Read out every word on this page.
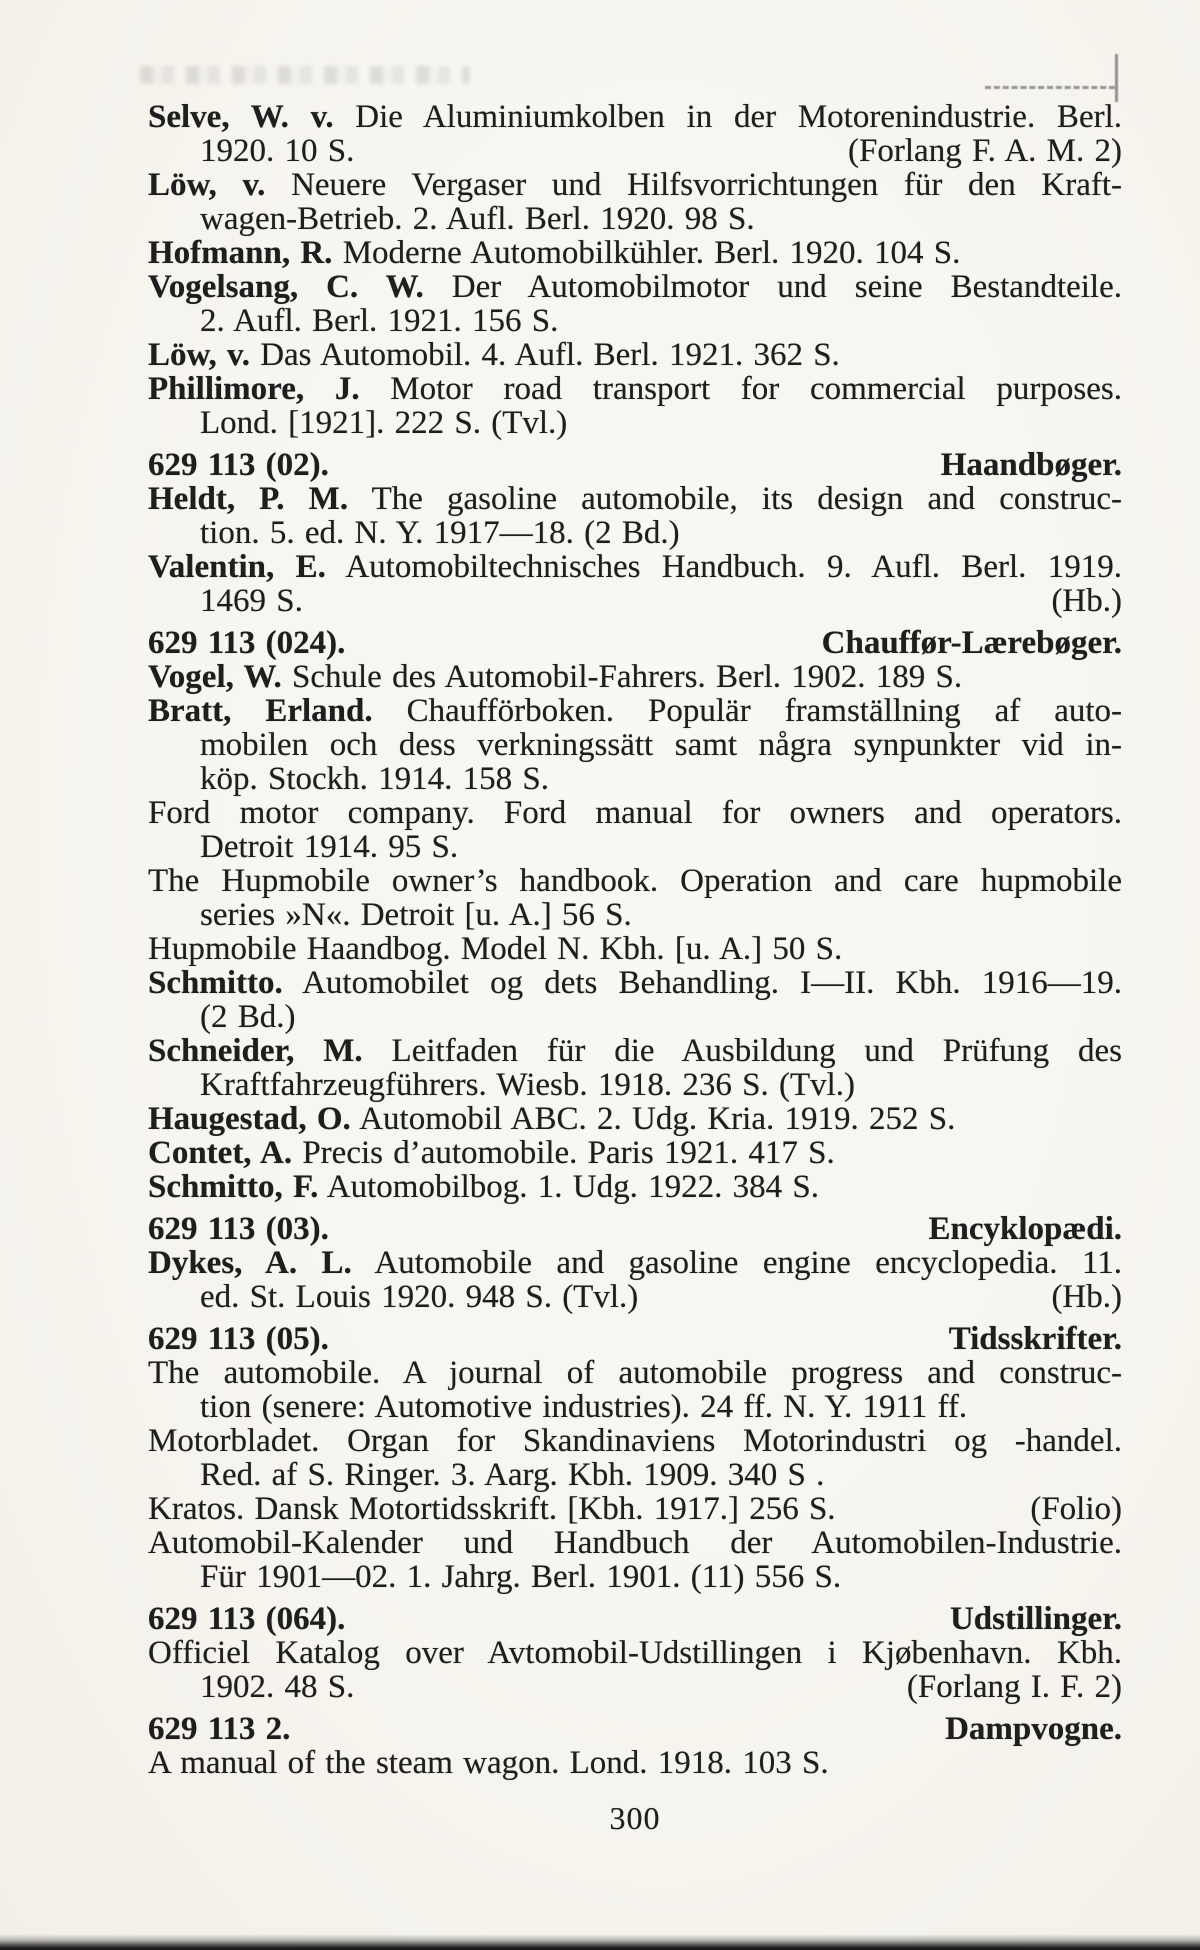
Selve, W. v. Die Aluminiumkolben in der Motorenindustrie. Berl.
1920. 10 S.	(Forlang F. A. M. 2)
Löw, v. Neuere Vergaser und Hilfsvorrichtungen für den Kraft-
wagen-Betrieb. 2. Aufl. Berl. 1920. 98 S.
Hofmann, R. Moderne Automobilkühler. Berl. 1920. 104 S.
Vogelsang, C. W. Der Automobilmotor und seine Bestandteile.
2. Aufl. Berl. 1921. 156 S.
Löw, v. Das Automobil. 4. Aufl. Berl. 1921. 362 S.
Phillimore, J. Motor road transport for commercial purposes.
Lond. [1921]. 222 S. (Tvl.)
629 113 (02).	Haandbøger.
Heldt, P. M. The gasoline automobile, its design and construc-
tion. 5. ed. N. Y. 1917—18. (2 Bd.)
Valentin, E. Automobiltechnisches Handbuch. 9. Aufl. Berl. 1919.
1469 S.	(Hb.)
629 113 (024).	Chauffør-Lærebøger.
Vogel, W. Schule des Automobil-Fahrers. Berl. 1902. 189 S.
Bratt, Erland. Chaufförboken. Populär framställning af auto-
mobilen och dess verkningssätt samt några synpunkter vid in-
köp. Stockh. 1914. 158 S.
Ford motor company. Ford manual for owners and operators.
Detroit 1914. 95 S.
The Hupmobile owner’s handbook. Operation and care hupmobile
series »N«. Detroit [u. A.] 56 S.
Hupmobile Haandbog. Model N. Kbh. [u. A.] 50 S.
Schmitto. Automobilet og dets Behandling. I—II. Kbh. 1916—19.
(2 Bd.)
Schneider, M. Leitfaden für die Ausbildung und Prüfung des
Kraftfahrzeugführers. Wiesb. 1918. 236 S. (Tvl.)
Haugestad, O. Automobil ABC. 2. Udg. Kria. 1919. 252 S.
Contet, A. Precis d’automobile. Paris 1921. 417 S.
Schmitto, F. Automobilbog. 1. Udg. 1922. 384 S.
629 113 (03).	Encyklopædi.
Dykes, A. L. Automobile and gasoline engine encyclopedia. 11.
ed. St. Louis 1920. 948 S. (Tvl.)	(Hb.)
629 113 (05).	Tidsskrifter.
The automobile. A journal of automobile progress and construc-
tion (senere: Automotive industries). 24 ff. N. Y. 1911 ff.
Motorbladet. Organ for Skandinaviens Motorindustri og -handel.
Red. af S. Ringer. 3. Aarg. Kbh. 1909. 340 S .
Kratos. Dansk Motortidsskrift. [Kbh. 1917.] 256 S.	(Folio)
Automobil-Kalender und Handbuch der Automobilen-Industrie.
Für 1901—02. 1. Jahrg. Berl. 1901. (11) 556 S.
629 113 (064).	Udstillinger.
Officiel Katalog over Avtomobil-Udstillingen i Kjøbenhavn. Kbh.
1902. 48 S.	(Forlang I. F. 2)
629 113 2.	Dampvogne.
A manual of the steam wagon. Lond. 1918. 103 S.
300
